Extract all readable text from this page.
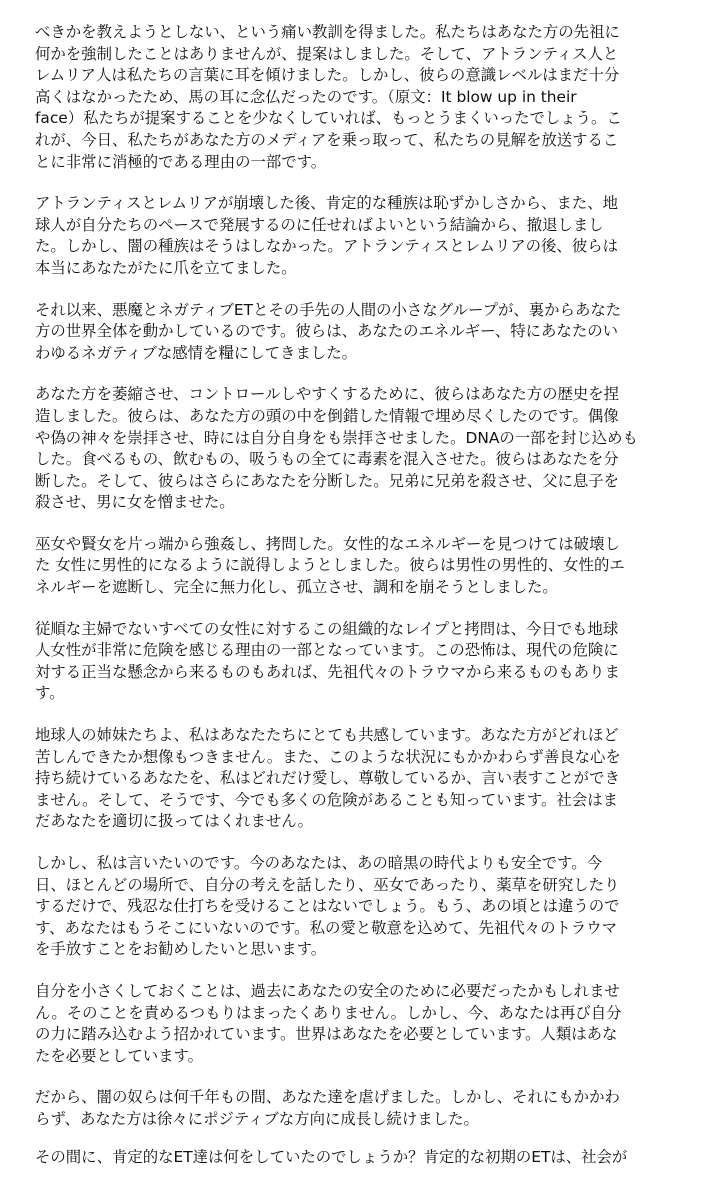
べきかを教えようとしない、という痛い教訓を得ました。私たちはあなた方の先祖に
何かを強制したことはありませんが、提案はしました。そして、アトランティス人と
レムリア人は私たちの言葉に耳を傾けました。しかし、彼らの意識レベルはまだ十分
高くはなかったため、馬の耳に念仏だったのです。（原文：It blow up in their
face）私たちが提案することを少なくしていれば、もっとうまくいったでしょう。こ
れが、今日、私たちがあなた方のメディアを乗っ取って、私たちの見解を放送するこ
とに非常に消極的である理由の一部です。

アトランティスとレムリアが崩壊した後、肯定的な種族は恥ずかしさから、また、地
球人が自分たちのペースで発展するのに任せればよいという結論から、撤退しまし
た。しかし、闇の種族はそうはしなかった。アトランティスとレムリアの後、彼らは
本当にあなたがたに爪を立てました。

それ以来、悪魔とネガティブETとその手先の人間の小さなグループが、裏からあなた
方の世界全体を動かしているのです。彼らは、あなたのエネルギー、特にあなたのい
わゆるネガティブな感情を糧にしてきました。

あなた方を萎縮させ、コントロールしやすくするために、彼らはあなた方の歴史を捏
造しました。彼らは、あなた方の頭の中を倒錯した情報で埋め尽くしたのです。偶像
や偽の神々を崇拝させ、時には自分自身をも崇拝させました。DNAの一部を封じ込めも
した。食べるもの、飲むもの、吸うもの全てに毒素を混入させた。彼らはあなたを分
断した。そして、彼らはさらにあなたを分断した。兄弟に兄弟を殺させ、父に息子を
殺させ、男に女を憎ませた。

巫女や賢女を片っ端から強姦し、拷問した。女性的なエネルギーを見つけては破壊し
た 女性に男性的になるように説得しようとしました。彼らは男性の男性的、女性的エ
ネルギーを遮断し、完全に無力化し、孤立させ、調和を崩そうとしました。

従順な主婦でないすべての女性に対するこの組織的なレイプと拷問は、今日でも地球
人女性が非常に危険を感じる理由の一部となっています。この恐怖は、現代の危険に
対する正当な懸念から来るものもあれば、先祖代々のトラウマから来るものもありま
す。

地球人の姉妹たちよ、私はあなたたちにとても共感しています。あなた方がどれほど
苦しんできたか想像もつきません。また、このような状況にもかかわらず善良な心を
持ち続けているあなたを、私はどれだけ愛し、尊敬しているか、言い表すことができ
ません。そして、そうです、今でも多くの危険があることも知っています。社会はま
だあなたを適切に扱ってはくれません。

しかし、私は言いたいのです。今のあなたは、あの暗黒の時代よりも安全です。今
日、ほとんどの場所で、自分の考えを話したり、巫女であったり、薬草を研究したり
するだけで、残忍な仕打ちを受けることはないでしょう。もう、あの頃とは違うので
す、あなたはもうそこにいないのです。私の愛と敬意を込めて、先祖代々のトラウマ
を手放すことをお勧めしたいと思います。

自分を小さくしておくことは、過去にあなたの安全のために必要だったかもしれませ
ん。そのことを責めるつもりはまったくありません。しかし、今、あなたは再び自分
の力に踏み込むよう招かれています。世界はあなたを必要としています。人類はあな
たを必要としています。

だから、闇の奴らは何千年もの間、あなた達を虐げました。しかし、それにもかかわ
らず、あなた方は徐々にポジティブな方向に成長し続けました。

その間に、肯定的なET達は何をしていたのでしょうか？肯定的な初期のETは、社会が
